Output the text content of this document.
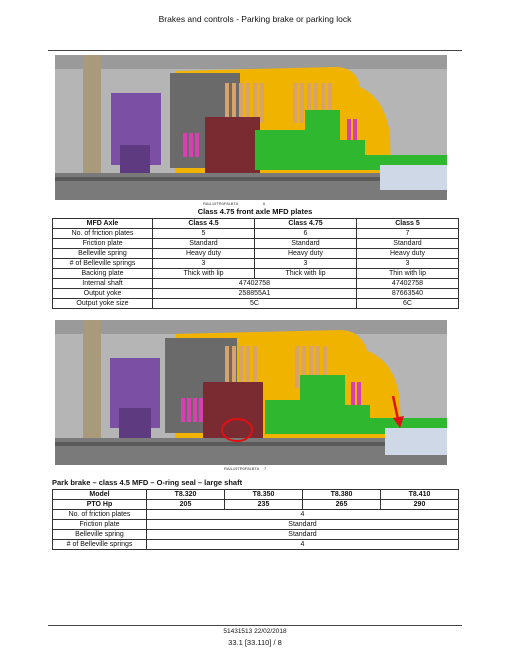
Brakes and controls - Parking brake or parking lock
RAIL19TR0F8LBTA	6
Class 4.75 front axle MFD plates
MFD Axle	Class 4.5	Class 4.75	Class 5
No. of friction plates	5	6	7
Friction plate	Standard	Standard	Standard
Belleville spring	Heavy duty	Heavy duty	Heavy duty
# of Belleville springs	3	3	3
Backing plate	Thick with lip	Thick with lip	Thin with lip
Internal shaft	47402758		47402758
Output yoke	258855A1		87663540
Output yoke size	5C		6C
RAIL19TR0F8LBTA 7
Park brake – class 4.5 MFD – O-ring seal – large shaft
Model	T8.320	T8.350	T8.380	T8.410
PTO Hp	205	235	265	290
No. of friction plates	4			
Friction plate	Standard			
Belleville spring	Standard			
# of Belleville springs	4			
51431513 22/02/2018
33.1 [33.110] / 8
